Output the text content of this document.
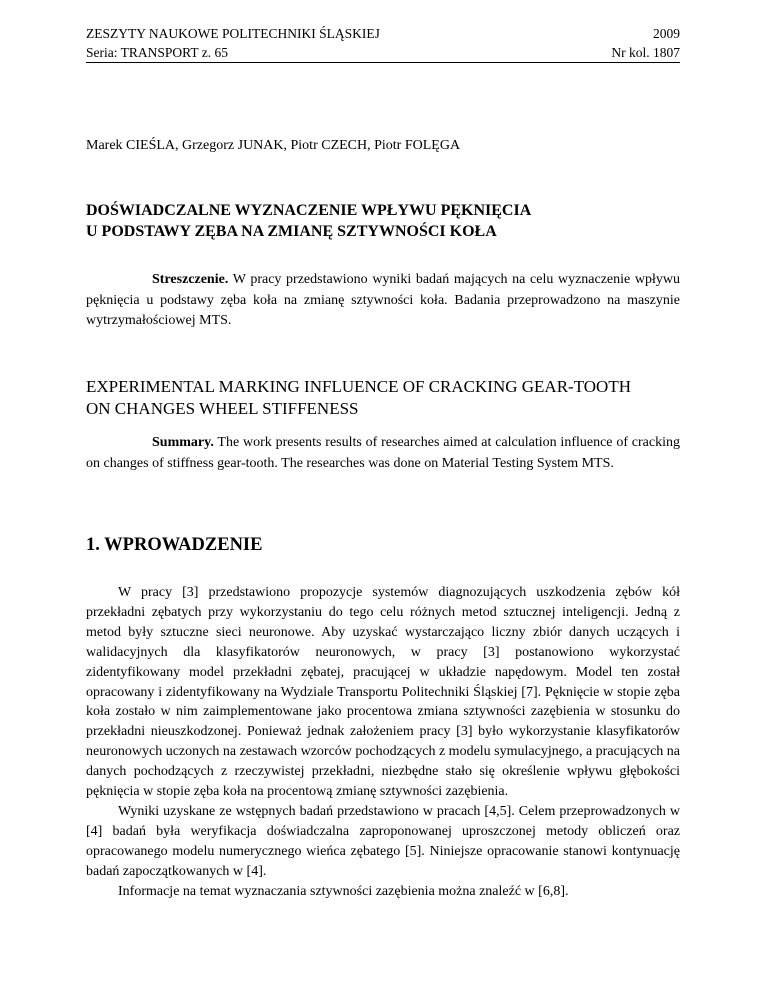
ZESZYTY NAUKOWE POLITECHNIKI ŚLĄSKIEJ	2009
Seria: TRANSPORT z. 65	Nr kol. 1807
Marek CIEŚLA, Grzegorz JUNAK, Piotr CZECH, Piotr FOLĘGA
DOŚWIADCZALNE WYZNACZENIE WPŁYWU PĘKNIĘCIA
U PODSTAWY ZĘBA NA ZMIANĘ SZTYWNOŚCI KOŁA
Streszczenie. W pracy przedstawiono wyniki badań mających na celu wyznaczenie wpływu pęknięcia u podstawy zęba koła na zmianę sztywności koła. Badania przeprowadzono na maszynie wytrzymałościowej MTS.
EXPERIMENTAL MARKING INFLUENCE OF CRACKING GEAR-TOOTH
ON CHANGES WHEEL STIFFENESS
Summary. The work presents results of researches aimed at calculation influence of cracking on changes of stiffness gear-tooth. The researches was done on Material Testing System MTS.
1. WPROWADZENIE

W pracy [3] przedstawiono propozycje systemów diagnozujących uszkodzenia zębów kół przekładni zębatych przy wykorzystaniu do tego celu różnych metod sztucznej inteligencji. Jedną z metod były sztuczne sieci neuronowe. Aby uzyskać wystarczająco liczny zbiór danych uczących i walidacyjnych dla klasyfikatorów neuronowych, w pracy [3] postanowiono wykorzystać zidentyfikowany model przekładni zębatej, pracującej w układzie napędowym. Model ten został opracowany i zidentyfikowany na Wydziale Transportu Politechniki Śląskiej [7]. Pęknięcie w stopie zęba koła zostało w nim zaimplementowane jako procentowa zmiana sztywności zazębienia w stosunku do przekładni nieuszkodzonej. Ponieważ jednak założeniem pracy [3] było wykorzystanie klasyfikatorów neuronowych uczonych na zestawach wzorców pochodzących z modelu symulacyjnego, a pracujących na danych pochodzących z rzeczywistej przekładni, niezbędne stało się określenie wpływu głębokości pęknięcia w stopie zęba koła na procentową zmianę sztywności zazębienia.

Wyniki uzyskane ze wstępnych badań przedstawiono w pracach [4,5]. Celem przeprowadzonych w [4] badań była weryfikacja doświadczalna zaproponowanej uproszczonej metody obliczeń oraz opracowanego modelu numerycznego wieńca zębatego [5]. Niniejsze opracowanie stanowi kontynuację badań zapoczątkowanych w [4].

Informacje na temat wyznaczania sztywności zazębienia można znaleźć w [6,8].
